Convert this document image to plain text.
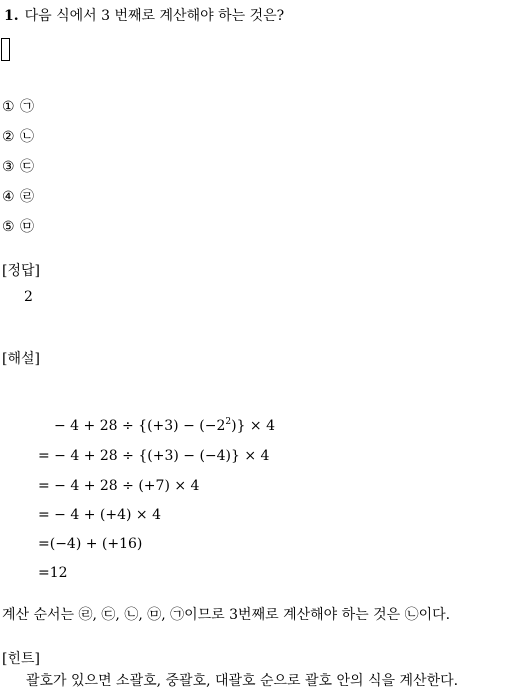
1. 다음 식에서 3 번째로 계산해야 하는 것은?
① ㉠
② ㉡
③ ㉢
④ ㉣
⑤ ㉤
[정답]
2
[해설]
− $4 + 28 \div \{(+3) - (-2^2)\} \times 4$
= − 4 + 28 ÷ {(+3) − (−4)} × 4
= − 4 + 28 ÷ (+7) × 4
= − 4 + (+4) × 4
=(−4) + (+16)
=12
계산 순서는 ㉣, ㉢, ㉡, ㉤, ㉠이므로 3번째로 계산해야 하는 것은 ㉡이다.
[힌트]
괄호가 있으면 소괄호, 중괄호, 대괄호 순으로 괄호 안의 식을 계산한다.
